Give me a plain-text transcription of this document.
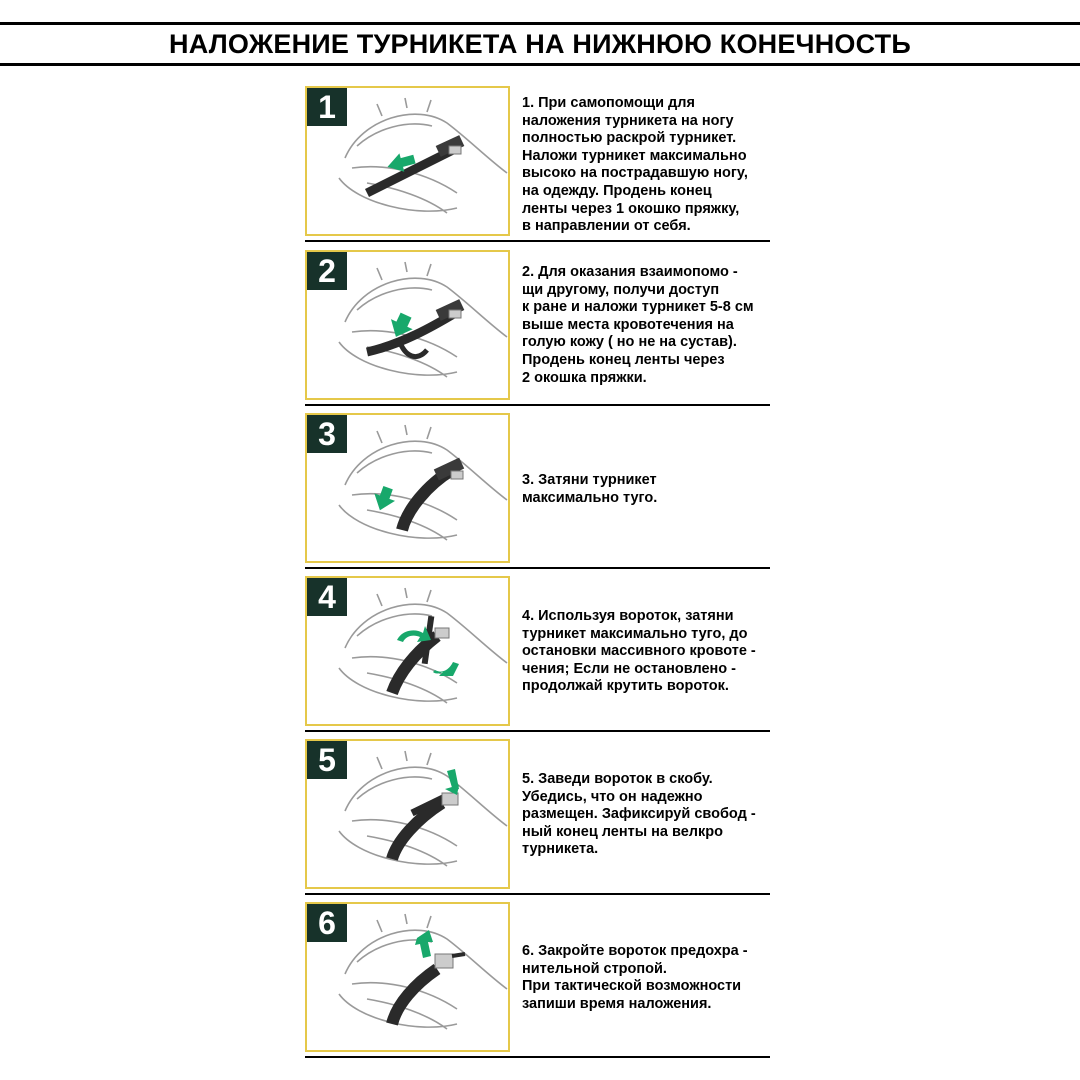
НАЛОЖЕНИЕ ТУРНИКЕТА НА НИЖНЮЮ КОНЕЧНОСТЬ
1	1. При самопомощи для
наложения турникета на ногу
полностью раскрой турникет.
Наложи турникет максимально
высоко на пострадавшую ногу,
на одежду. Продень конец
ленты через 1 окошко пряжку,
в направлении от себя.
2	2. Для оказания взаимопомо -
щи другому, получи доступ
к ране и наложи турникет 5-8 см
выше места кровотечения на
голую кожу ( но не на сустав).
Продень конец ленты через
2 окошка пряжки.
3
3. Затяни турникет
максимально туго.
4
4. Используя вороток, затяни
турникет максимально туго, до
остановки массивного кровоте -
чения; Если не остановлено -
продолжай крутить вороток.
5
5. Заведи вороток в скобу.
Убедись, что он надежно
размещен. Зафиксируй свобод -
ный конец ленты на велкро
турникета.
6
6. Закройте вороток предохра -
нительной стропой.
При тактической возможности
запиши время наложения.
